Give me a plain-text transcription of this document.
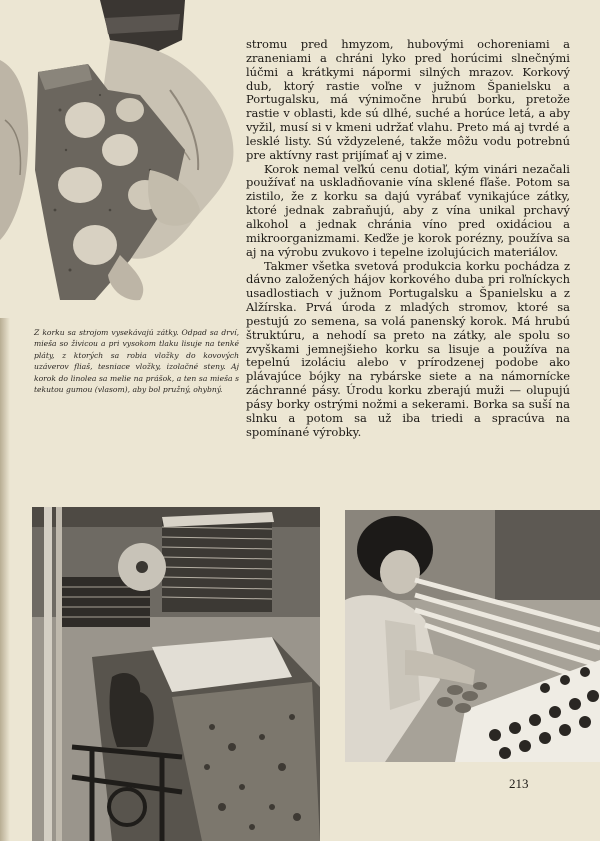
Z korku sa strojom vysekávajú zátky. Odpad sa drví, mieša so živicou a pri vysokom tlaku lisuje na tenké pláty, z ktorých sa robia vložky do kovových uzáverov fliaš, tesniace vložky, izolačné steny. Aj korok do linolea sa melie na prášok, a ten sa mieša s tekutou gumou (vlasom), aby bol pružný, ohybný.

stromu pred hmyzom, hubovými ochoreniami a zraneniami a chráni lyko pred horúcimi slnečnými lúčmi a krátkymi nápormi silných mrazov. Korkový dub, ktorý rastie voľne v južnom Španielsku a Portugalsku, má výnimočne hrubú borku, pretože rastie v oblasti, kde sú dlhé, suché a horúce letá, a aby vyžil, musí si v kmeni udržať vlahu. Preto má aj tvrdé a lesklé listy. Sú vždyzelené, takže môžu vodu potrebnú pre aktívny rast prijímať aj v zime.

Korok nemal veľkú cenu dotiaľ, kým vinári nezačali používať na uskladňovanie vína sklené fľaše. Potom sa zistilo, že z korku sa dajú vyrábať vynikajúce zátky, ktoré jednak zabraňujú, aby z vína unikal prchavý alkohol a jednak chránia víno pred oxidáciou a mikroorganizmami. Keďže je korok porézny, používa sa aj na výrobu zvukovo i tepelne izolujúcich materiálov.

Takmer všetka svetová produkcia korku pochádza z dávno založených hájov korkového duba pri roľníckych usadlostiach v južnom Portugalsku a Španielsku a z Alžírska. Prvá úroda z mladých stromov, ktoré sa pestujú zo semena, sa volá panenský korok. Má hrubú štruktúru, a nehodí sa preto na zátky, ale spolu so zvyškami jemnejšieho korku sa lisuje a používa na tepelnú izoláciu alebo v prírodzenej podobe ako plávajúce bójky na rybárske siete a na námornícke záchranné pásy. Úrodu korku zberajú muži — olupujú pásy borky ostrými nožmi a sekerami. Borka sa suší na slnku a potom sa už iba triedi a spracúva na spomínané výrobky.

213
